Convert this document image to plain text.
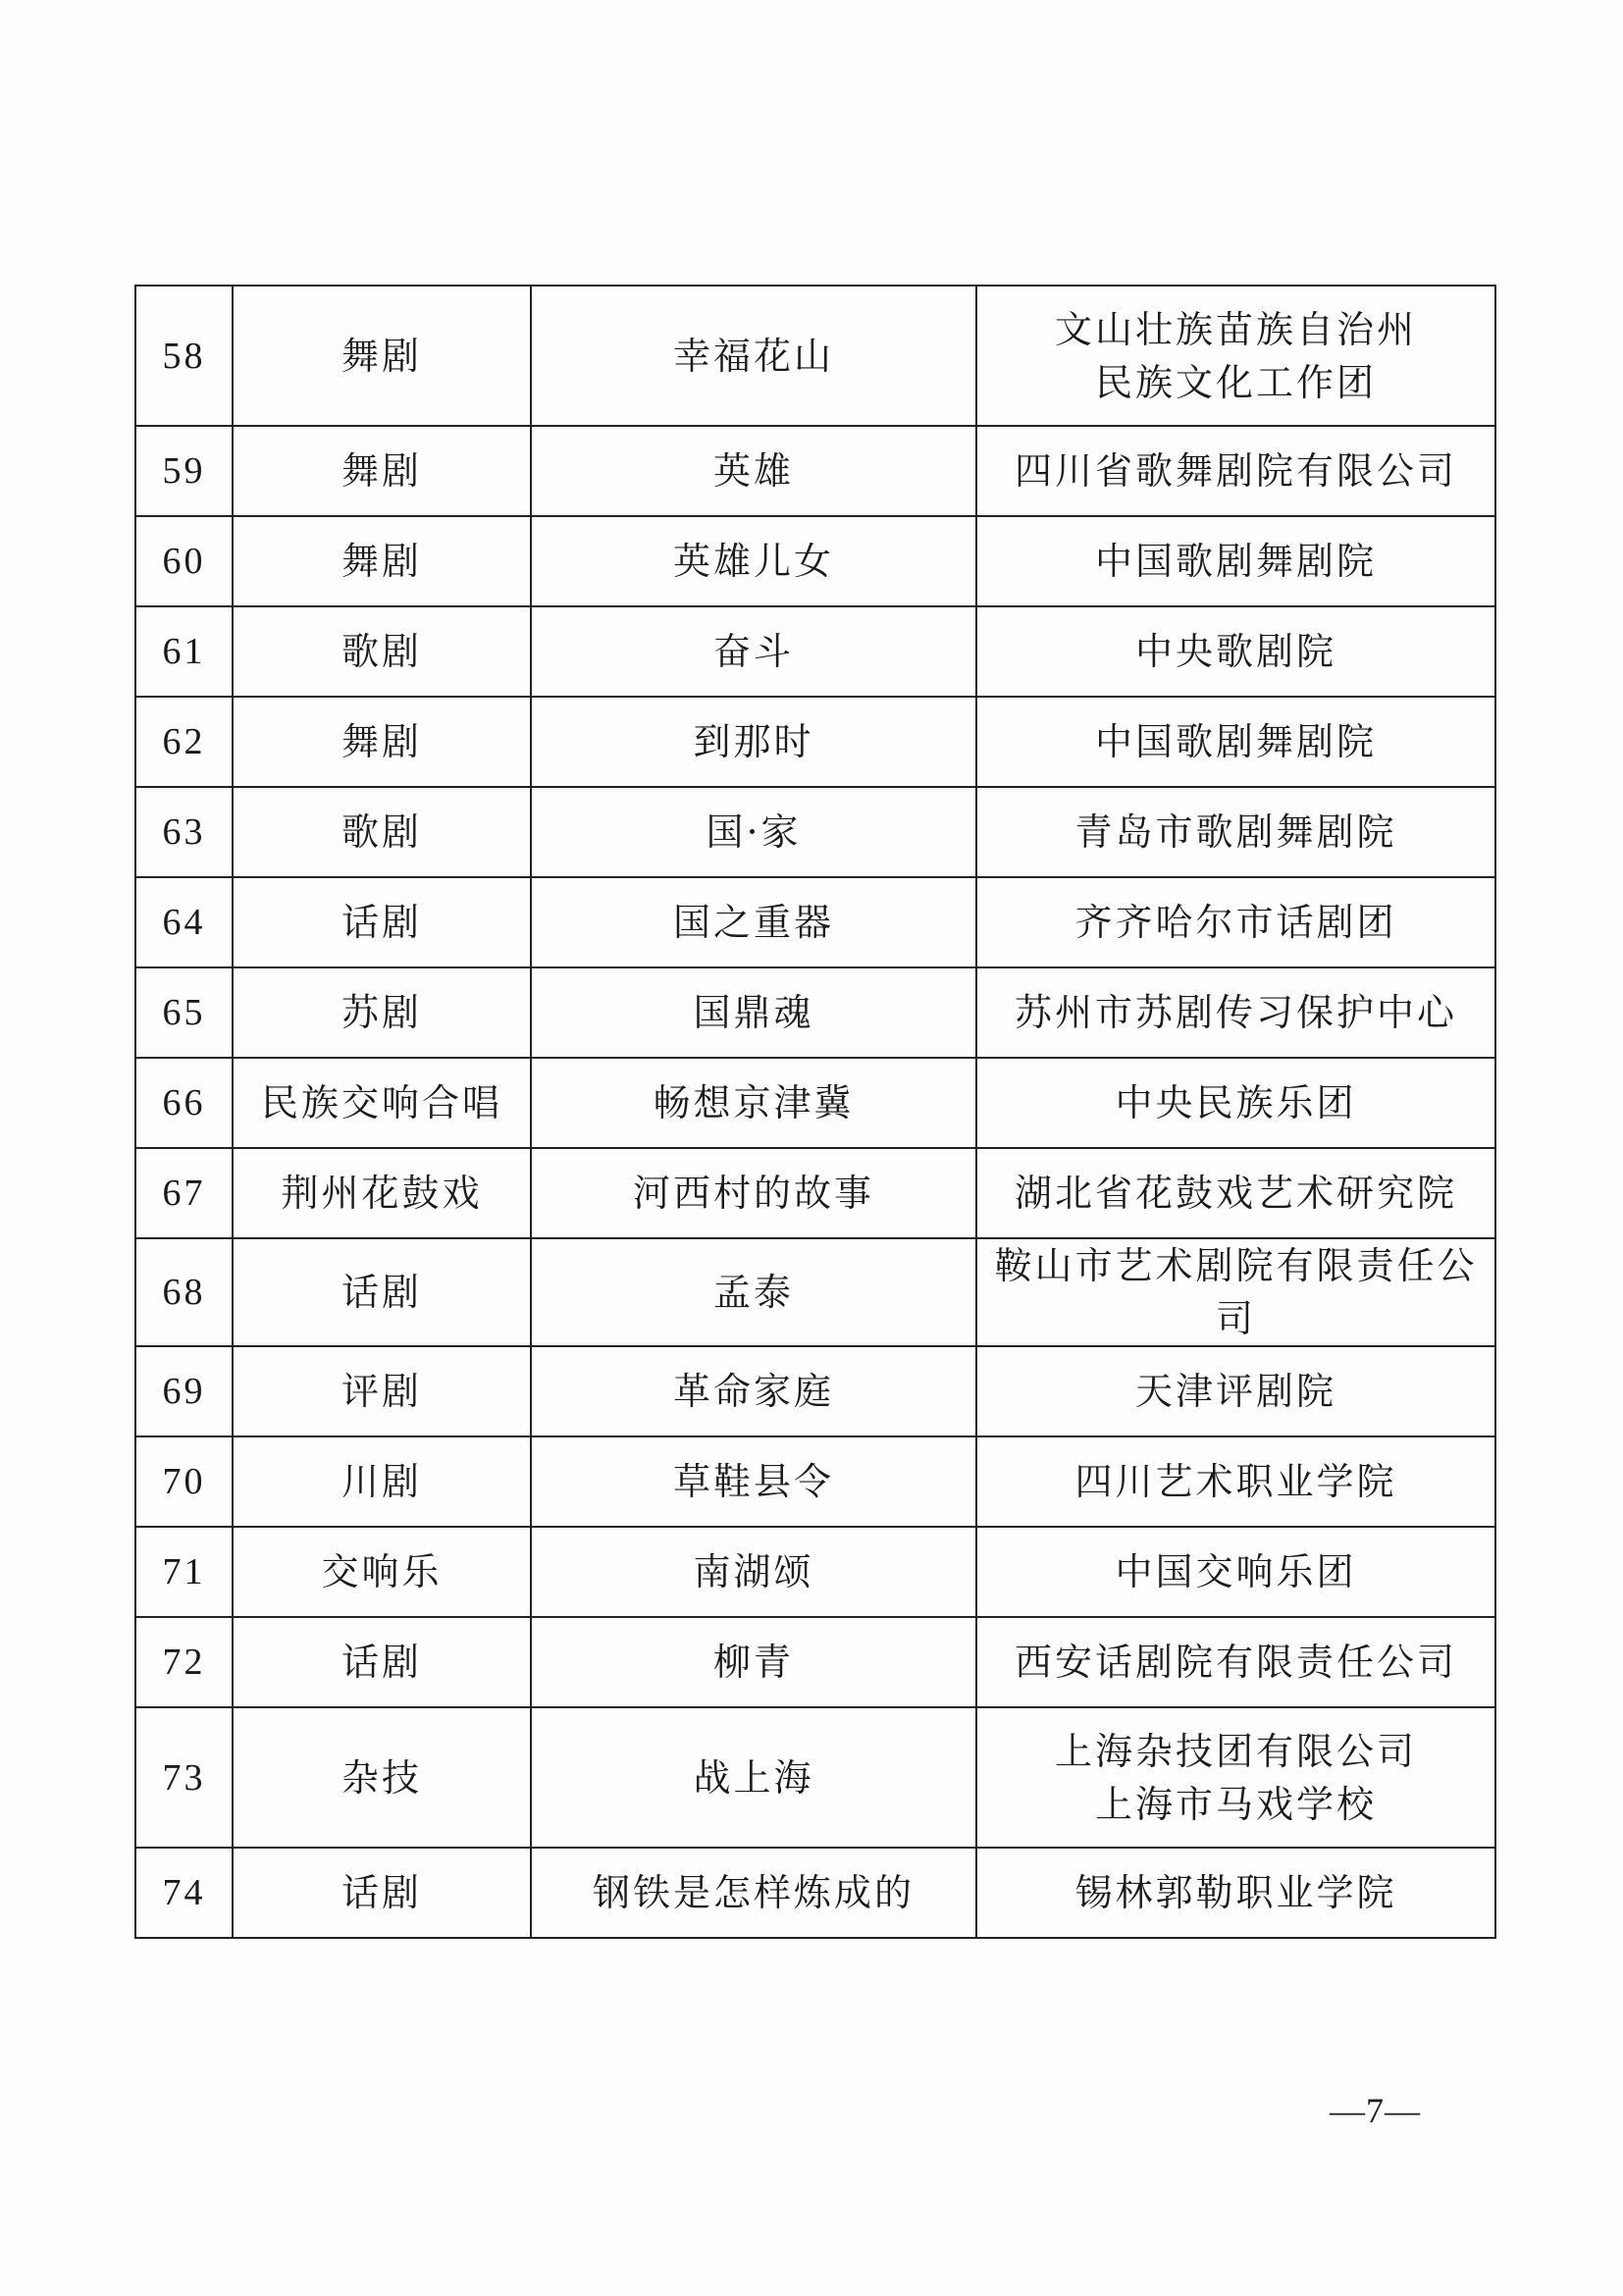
58	舞剧	幸福花山	文山壮族苗族自治州
民族文化工作团

59	舞剧	英雄	四川省歌舞剧院有限公司

60	舞剧	英雄儿女	中国歌剧舞剧院

61	歌剧	奋斗	中央歌剧院

62	舞剧	到那时	中国歌剧舞剧院

63	歌剧	国·家	青岛市歌剧舞剧院

64	话剧	国之重器	齐齐哈尔市话剧团

65	苏剧	国鼎魂	苏州市苏剧传习保护中心

66	民族交响合唱	畅想京津冀	中央民族乐团

67	荆州花鼓戏	河西村的故事	湖北省花鼓戏艺术研究院

68	话剧	孟泰	鞍山市艺术剧院有限责任公司

69	评剧	革命家庭	天津评剧院

70	川剧	草鞋县令	四川艺术职业学院

71	交响乐	南湖颂	中国交响乐团

72	话剧	柳青	西安话剧院有限责任公司

73	杂技	战上海	上海杂技团有限公司
上海市马戏学校

74	话剧	钢铁是怎样炼成的	锡林郭勒职业学院
—7—
